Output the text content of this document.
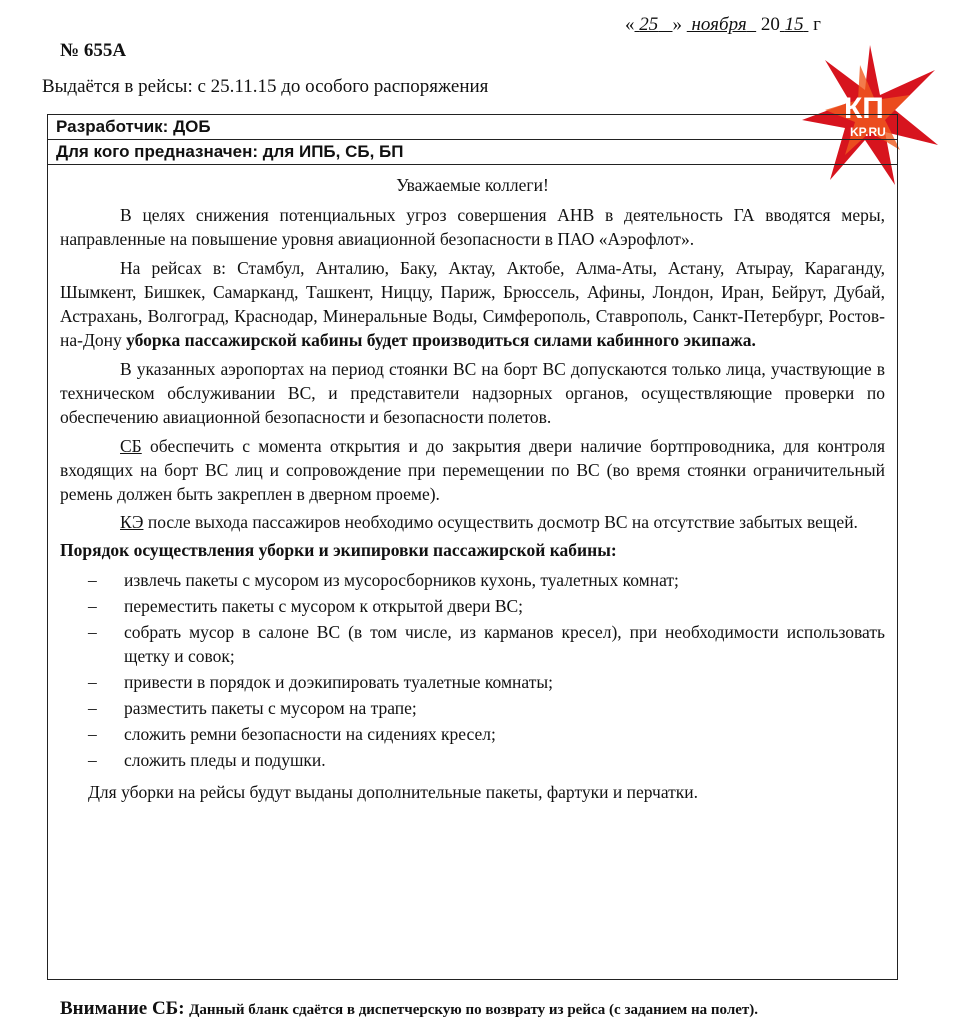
« 25 » ноября 20 15 г
№ 655А
Выдаётся в рейсы: с 25.11.15 до особого распоряжения
КП
KP.RU
Разработчик: ДОБ
Для кого предназначен: для ИПБ, СБ, БП
Уважаемые коллеги!
В целях снижения потенциальных угроз совершения АНВ в деятельность ГА вводятся меры, направленные на повышение уровня авиационной безопасности в ПАО «Аэрофлот».
На рейсах в: Стамбул, Анталию, Баку, Актау, Актобе, Алма-Аты, Астану, Атырау, Караганду, Шымкент, Бишкек, Самарканд, Ташкент, Ниццу, Париж, Брюссель, Афины, Лондон, Иран, Бейрут, Дубай, Астрахань, Волгоград, Краснодар, Минеральные Воды, Симферополь, Ставрополь, Санкт-Петербург, Ростов-на-Дону уборка пассажирской кабины будет производиться силами кабинного экипажа.
В указанных аэропортах на период стоянки ВС на борт ВС допускаются только лица, участвующие в техническом обслуживании ВС, и представители надзорных органов, осуществляющие проверки по обеспечению авиационной безопасности и безопасности полетов.
СБ обеспечить с момента открытия и до закрытия двери наличие бортпроводника, для контроля входящих на борт ВС лиц и сопровождение при перемещении по ВС (во время стоянки ограничительный ремень должен быть закреплен в дверном проеме).
КЭ после выхода пассажиров необходимо осуществить досмотр ВС на отсутствие забытых вещей.
Порядок осуществления уборки и экипировки пассажирской кабины:
– извлечь пакеты с мусором из мусоросборников кухонь, туалетных комнат;
– переместить пакеты с мусором к открытой двери ВС;
– собрать мусор в салоне ВС (в том числе, из карманов кресел), при необходимости использовать щетку и совок;
– привести в порядок и доэкипировать туалетные комнаты;
– разместить пакеты с мусором на трапе;
– сложить ремни безопасности на сидениях кресел;
– сложить пледы и подушки.
Для уборки на рейсы будут выданы дополнительные пакеты, фартуки и перчатки.
Внимание СБ: Данный бланк сдаётся в диспетчерскую по возврату из рейса (с заданием на полет).
